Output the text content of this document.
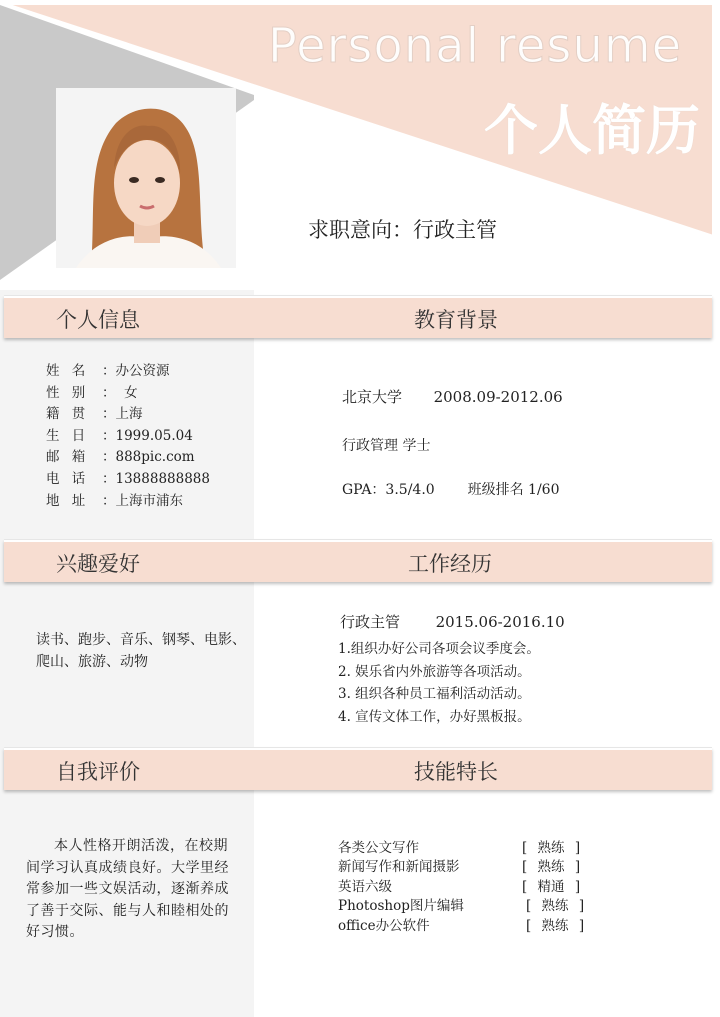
Personal resume
个人简历
求职意向：行政主管
个人信息	教育背景
姓 名 ：办公资源
性 别 ：  女
籍 贯 ：上海
生 日 ：1999.05.04
邮 箱 ：888pic.com
电 话 ：13888888888
地 址 ：上海市浦东
北京大学 2008.09-2012.06
行政管理 学士
GPA：3.5/4.0 班级排名 1/60
兴趣爱好	工作经历
读书、跑步、音乐、钢琴、电影、
爬山、旅游、动物
行政主管 2015.06-2016.10
1.组织办好公司各项会议季度会。
2. 娱乐省内外旅游等各项活动。
3. 组织各种员工福利活动活动。
4. 宣传文体工作，办好黑板报。
自我评价	技能特长
本人性格开朗活泼，在校期间学习认真成绩良好。大学里经常参加一些文娱活动，逐渐养成了善于交际、能与人和睦相处的好习惯。
各类公文写作	[ 熟练 ]
新闻写作和新闻摄影	[ 熟练 ]
英语六级	[ 精通 ]
Photoshop图片编辑	[ 熟练 ]
office办公软件	[ 熟练 ]
